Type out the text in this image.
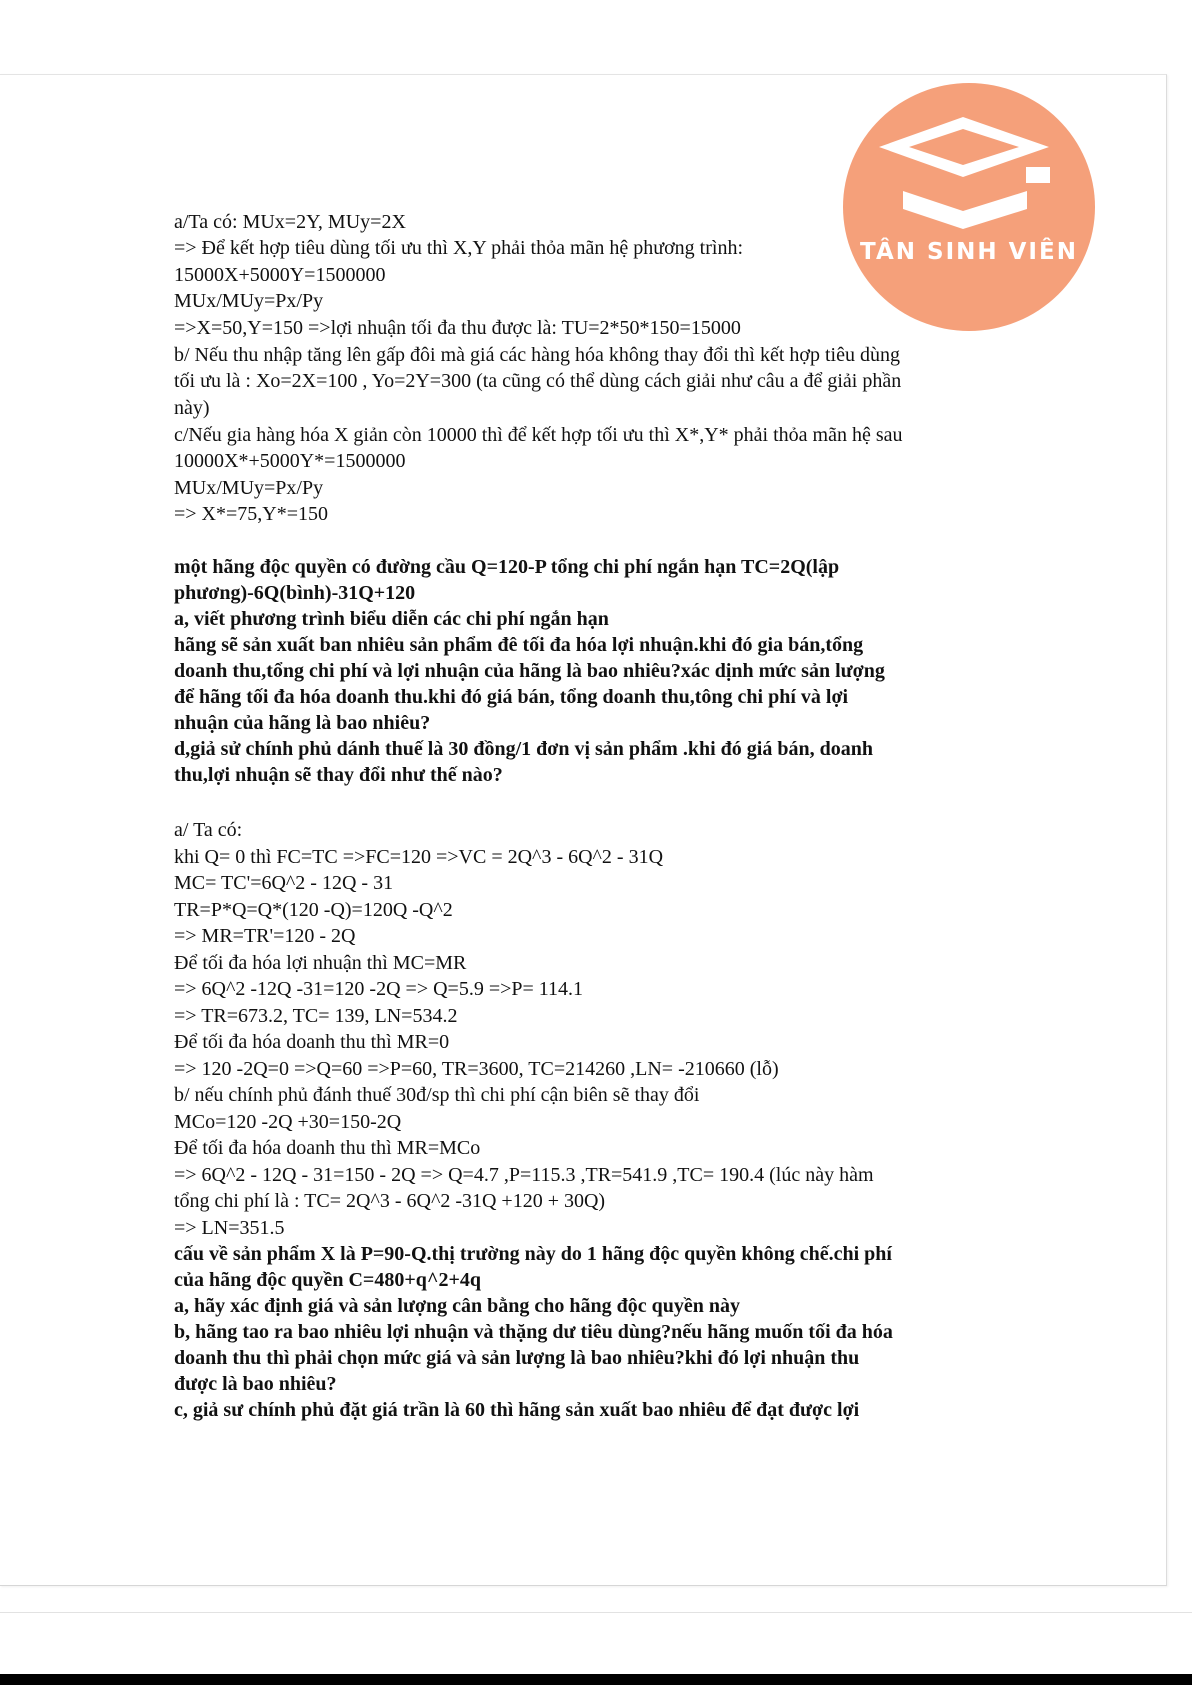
TÂN SINH VIÊN
a/Ta có: MUx=2Y, MUy=2X
=> Để kết hợp tiêu dùng tối ưu thì X,Y phải thỏa mãn hệ phương trình:
15000X+5000Y=1500000
MUx/MUy=Px/Py
=>X=50,Y=150 =>lợi nhuận tối đa thu được là: TU=2*50*150=15000
b/ Nếu thu nhập tăng lên gấp đôi mà giá các hàng hóa không thay đổi thì kết hợp tiêu dùng
tối ưu là : Xo=2X=100 , Yo=2Y=300 (ta cũng có thể dùng cách giải như câu a để giải phần
này)
c/Nếu gia hàng hóa X giản còn 10000 thì để kết hợp tối ưu thì X*,Y* phải thỏa mãn hệ sau
10000X*+5000Y*=1500000
MUx/MUy=Px/Py
=> X*=75,Y*=150
một hãng độc quyền có đường cầu Q=120-P tổng chi phí ngắn hạn TC=2Q(lập
phương)-6Q(bình)-31Q+120
a, viết phương trình biểu diễn các chi phí ngắn hạn
hãng sẽ sản xuất ban nhiêu sản phẩm đê tối đa hóa lợi nhuận.khi đó gia bán,tổng
doanh thu,tổng chi phí và lợi nhuận của hãng là bao nhiêu?xác dịnh mức sản lượng
để hãng tối đa hóa doanh thu.khi đó giá bán, tổng doanh thu,tông chi phí và lợi
nhuận của hãng là bao nhiêu?
d,giả sử chính phủ dánh thuế là 30 đồng/1 đơn vị sản phẩm .khi đó giá bán, doanh
thu,lợi nhuận sẽ thay đổi như thế nào?
a/ Ta có:
khi Q= 0 thì FC=TC =>FC=120 =>VC = 2Q^3 - 6Q^2 - 31Q
MC= TC'=6Q^2 - 12Q - 31
TR=P*Q=Q*(120 -Q)=120Q -Q^2
=> MR=TR'=120 - 2Q
Để tối đa hóa lợi nhuận thì MC=MR
=> 6Q^2 -12Q -31=120 -2Q => Q=5.9 =>P= 114.1
=> TR=673.2, TC= 139, LN=534.2
Để tối đa hóa doanh thu thì MR=0
=> 120 -2Q=0 =>Q=60 =>P=60, TR=3600, TC=214260 ,LN= -210660 (lỗ)
b/ nếu chính phủ đánh thuế 30đ/sp thì chi phí cận biên sẽ thay đổi
MCo=120 -2Q +30=150-2Q
Để tối đa hóa doanh thu thì MR=MCo
=> 6Q^2 - 12Q - 31=150 - 2Q => Q=4.7 ,P=115.3 ,TR=541.9 ,TC= 190.4 (lúc này hàm
tổng chi phí là : TC= 2Q^3 - 6Q^2 -31Q +120 + 30Q)
=> LN=351.5
cấu về sản phẩm X là P=90-Q.thị trường này do 1 hãng độc quyền không chế.chi phí
của hãng độc quyền C=480+q^2+4q
a, hãy xác định giá và sản lượng cân bằng cho hãng độc quyền này
b, hãng tao ra bao nhiêu lợi nhuận và thặng dư tiêu dùng?nếu hãng muốn tối đa hóa
doanh thu thì phải chọn mức giá và sản lượng là bao nhiêu?khi đó lợi nhuận thu
được là bao nhiêu?
c, giả sư chính phủ đặt giá trần là 60 thì hãng sản xuất bao nhiêu để đạt được lợi
